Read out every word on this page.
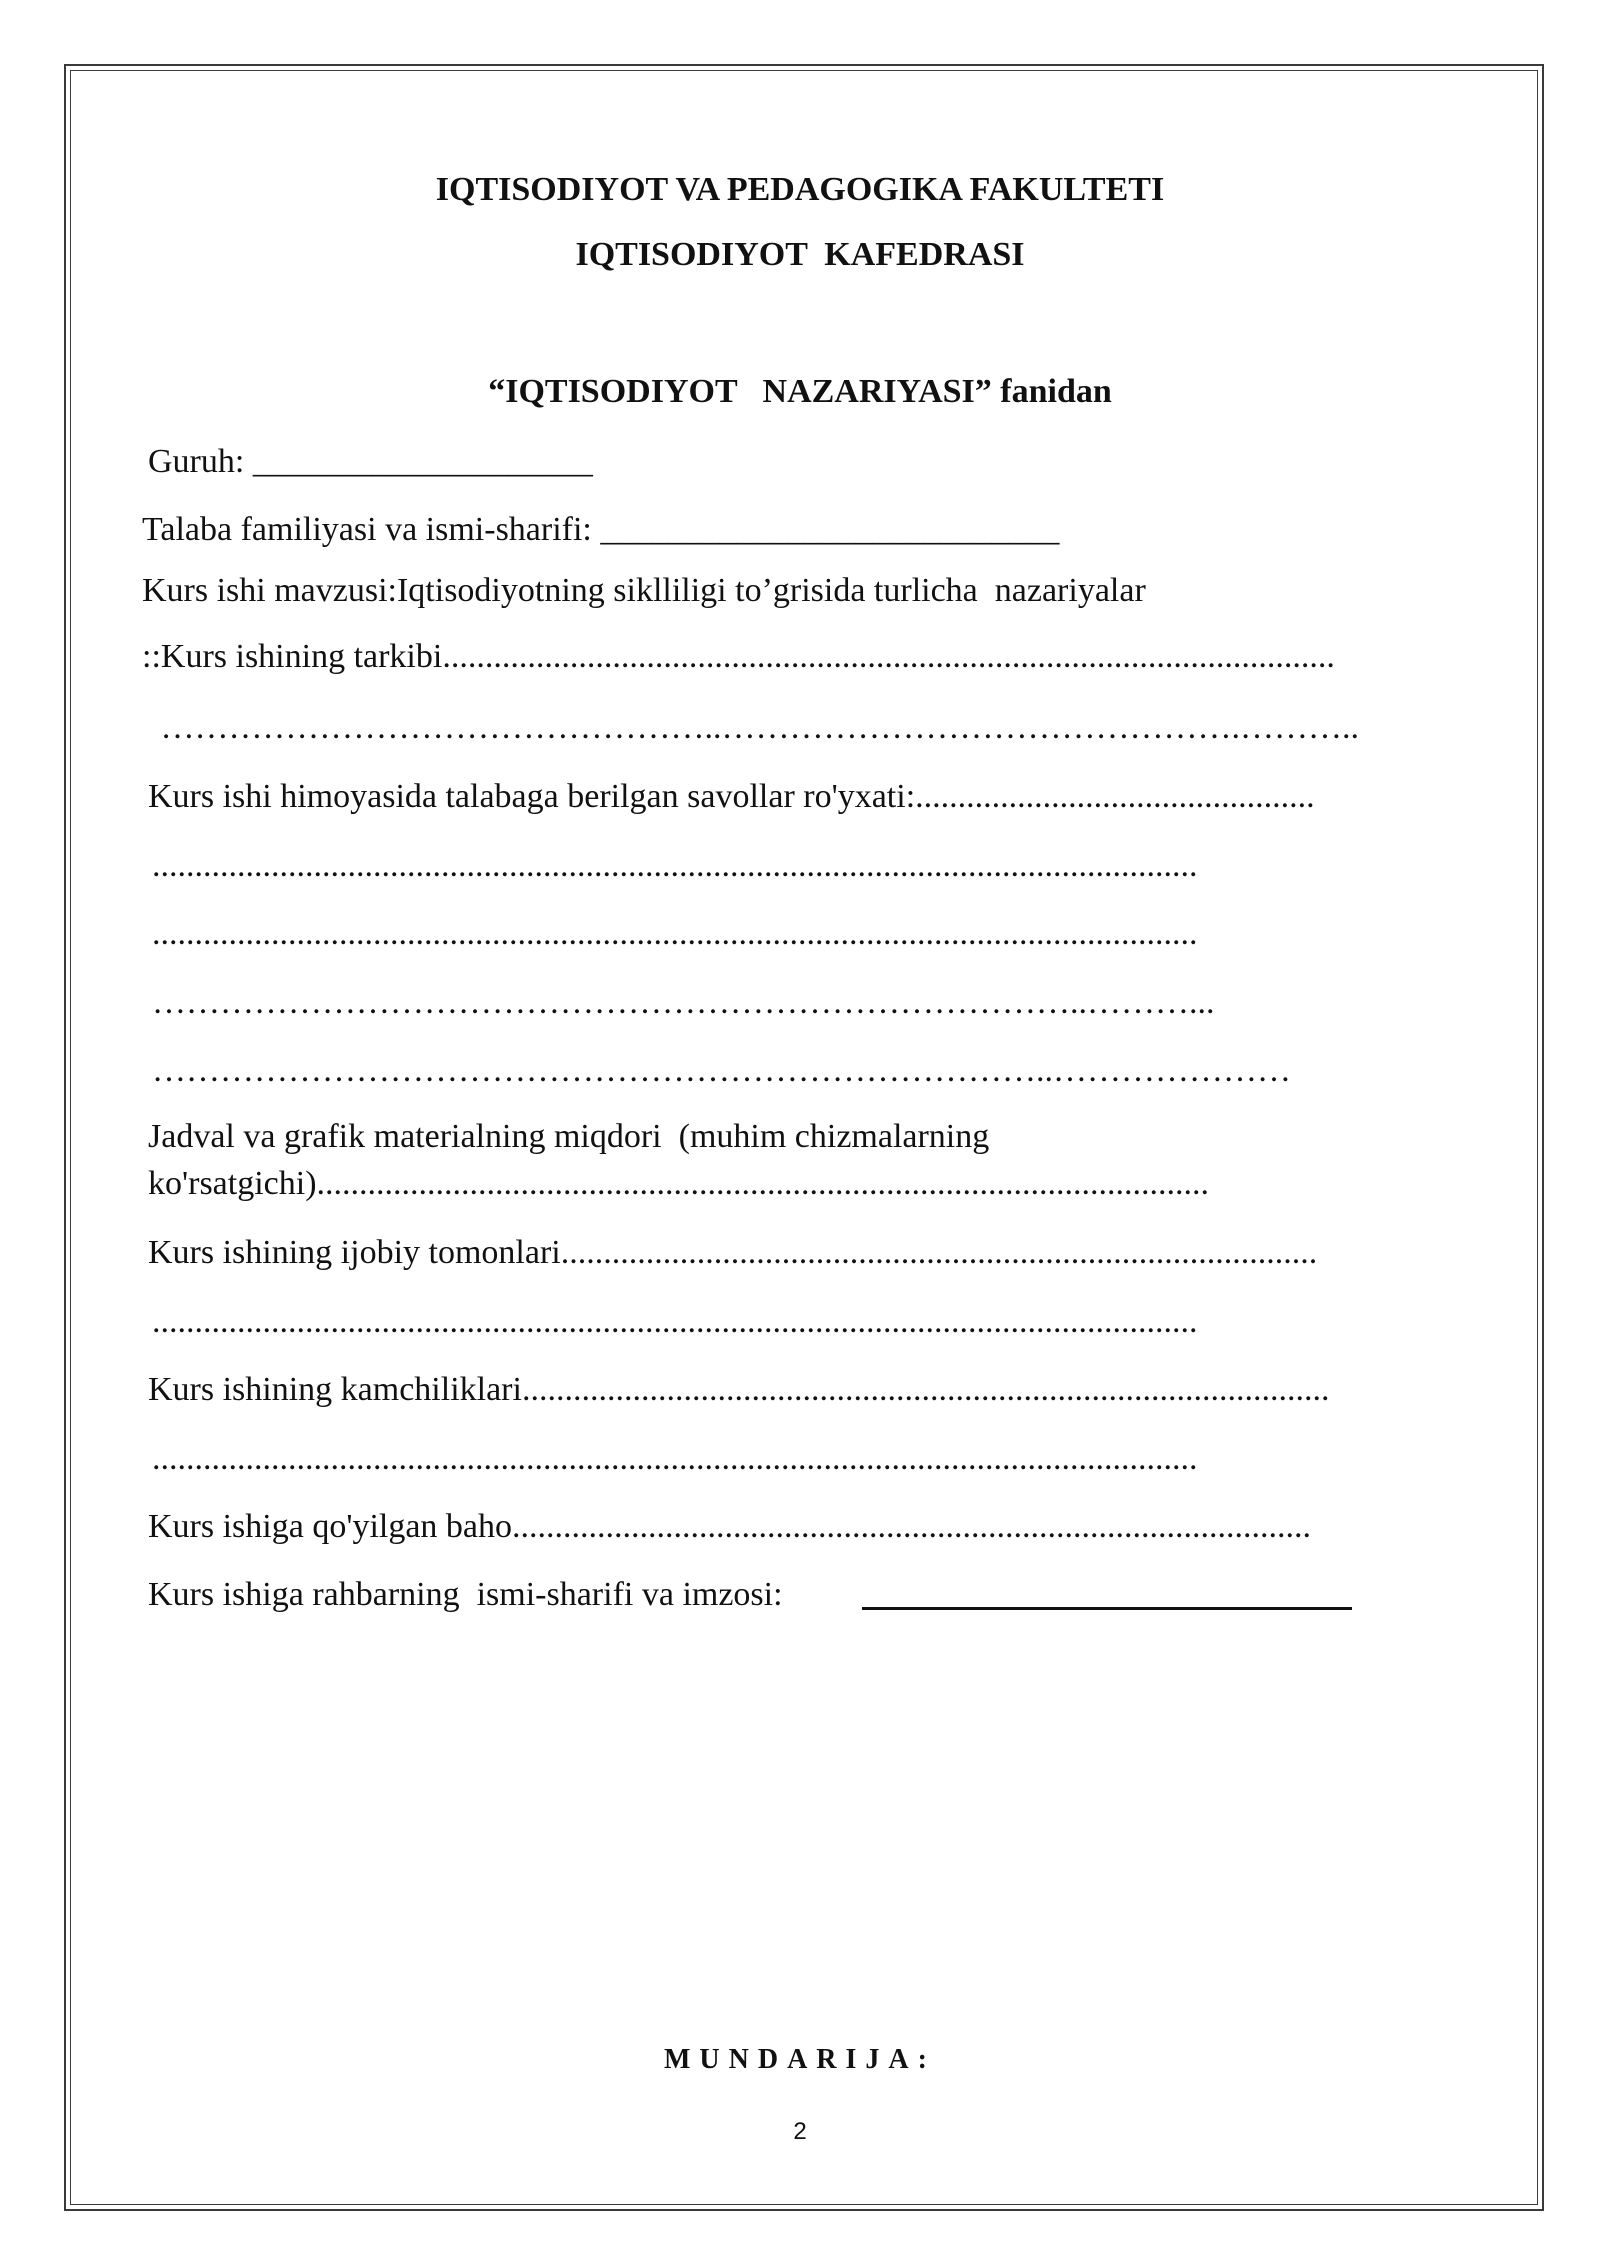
IQTISODIYOT VA PEDAGOGIKA FAKULTETI
IQTISODIYOT  KAFEDRASI
“IQTISODIYOT   NAZARIYASI” fanidan
Guruh: ____________________
Talaba familiyasi va ismi-sharifi: ___________________________
Kurs ishi mavzusi:Iqtisodiyotning siklliligi to’grisida turlicha  nazariyalar
::Kurs ishining tarkibi.........................................................................................................
…………………………………………..……………………………………….………..
Kurs ishi himoyasida talabaga berilgan savollar ro'yxati:...............................................
...........................................................................................................................
...........................................................................................................................
………………………………………………………………………..………...
……………………………………………………………………..…………………
Jadval va grafik materialning miqdori  (muhim chizmalarning
ko'rsatgichi).........................................................................................................
Kurs ishining ijobiy tomonlari.........................................................................................
...........................................................................................................................
Kurs ishining kamchiliklari...............................................................................................
...........................................................................................................................
Kurs ishiga qo'yilgan baho..............................................................................................
Kurs ishiga rahbarning  ismi-sharifi va imzosi:
MUNDARIJA:
2
